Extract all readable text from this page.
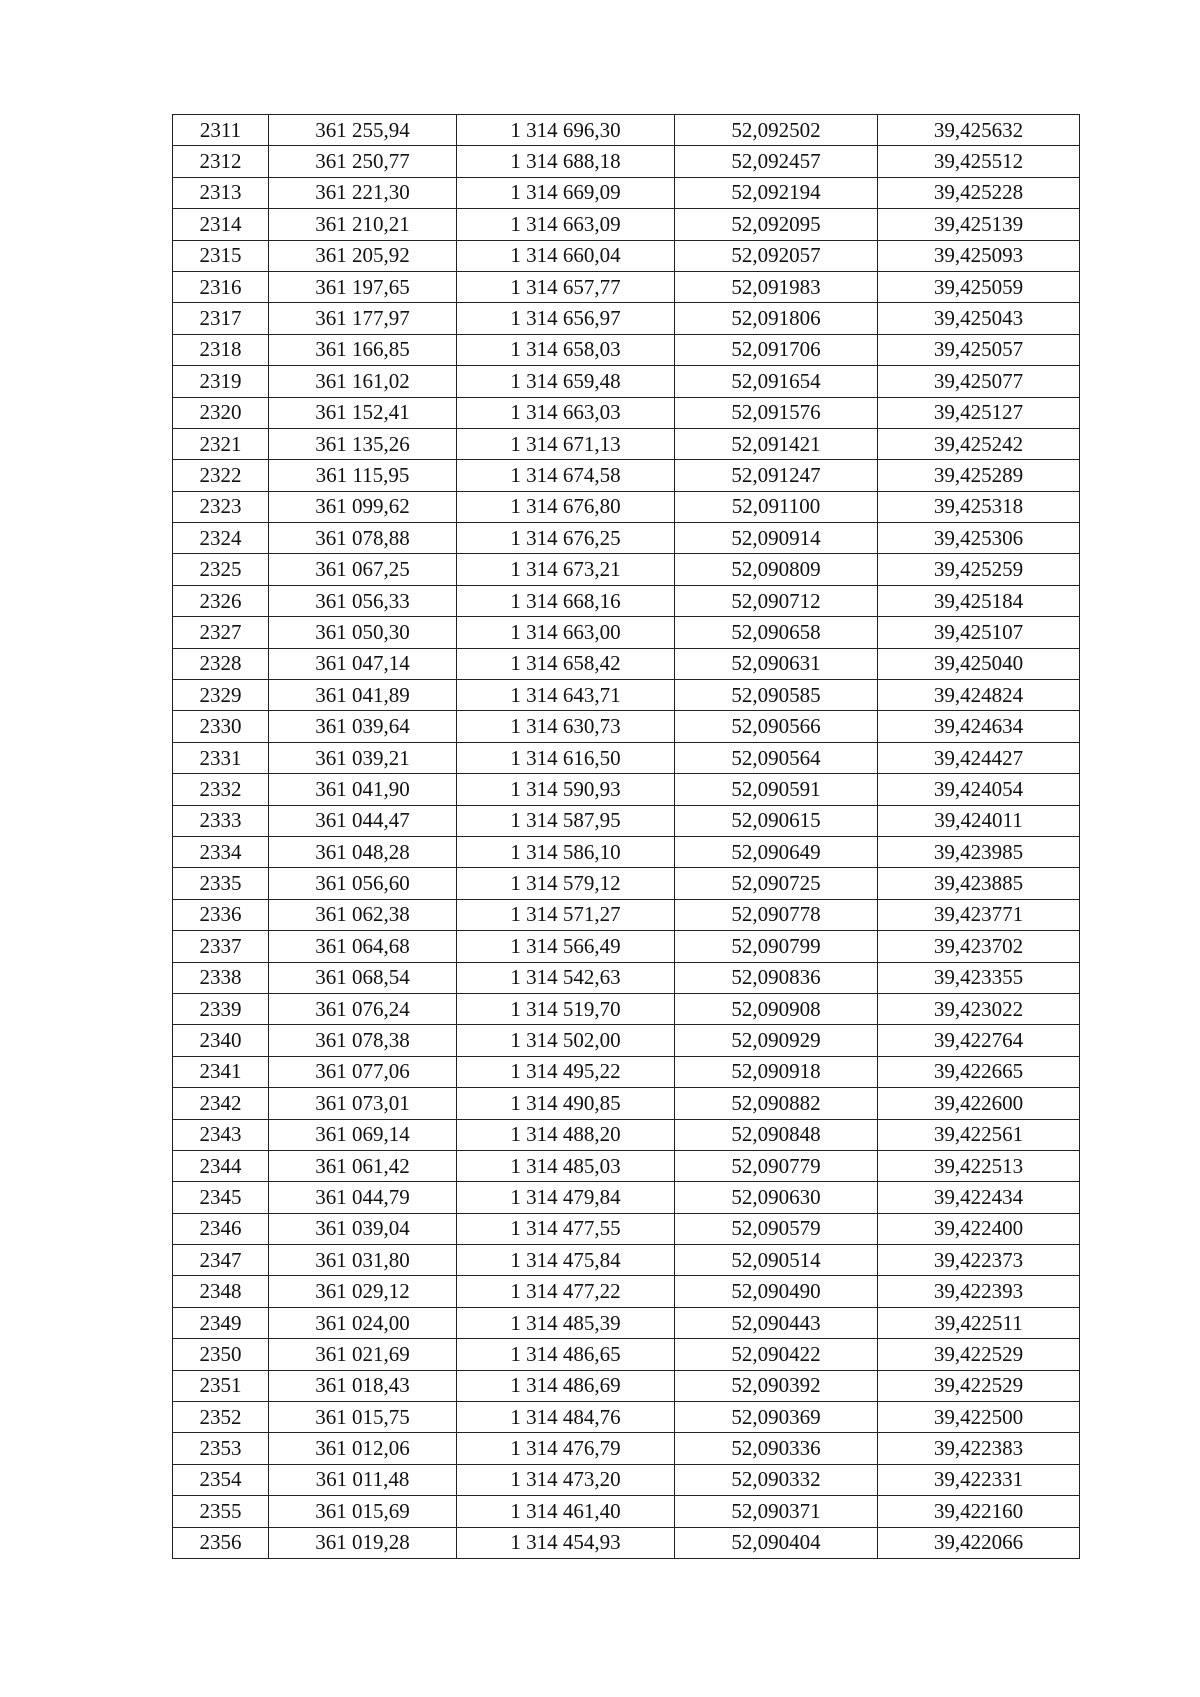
2311	361 255,94	1 314 696,30	52,092502	39,425632
2312	361 250,77	1 314 688,18	52,092457	39,425512
2313	361 221,30	1 314 669,09	52,092194	39,425228
2314	361 210,21	1 314 663,09	52,092095	39,425139
2315	361 205,92	1 314 660,04	52,092057	39,425093
2316	361 197,65	1 314 657,77	52,091983	39,425059
2317	361 177,97	1 314 656,97	52,091806	39,425043
2318	361 166,85	1 314 658,03	52,091706	39,425057
2319	361 161,02	1 314 659,48	52,091654	39,425077
2320	361 152,41	1 314 663,03	52,091576	39,425127
2321	361 135,26	1 314 671,13	52,091421	39,425242
2322	361 115,95	1 314 674,58	52,091247	39,425289
2323	361 099,62	1 314 676,80	52,091100	39,425318
2324	361 078,88	1 314 676,25	52,090914	39,425306
2325	361 067,25	1 314 673,21	52,090809	39,425259
2326	361 056,33	1 314 668,16	52,090712	39,425184
2327	361 050,30	1 314 663,00	52,090658	39,425107
2328	361 047,14	1 314 658,42	52,090631	39,425040
2329	361 041,89	1 314 643,71	52,090585	39,424824
2330	361 039,64	1 314 630,73	52,090566	39,424634
2331	361 039,21	1 314 616,50	52,090564	39,424427
2332	361 041,90	1 314 590,93	52,090591	39,424054
2333	361 044,47	1 314 587,95	52,090615	39,424011
2334	361 048,28	1 314 586,10	52,090649	39,423985
2335	361 056,60	1 314 579,12	52,090725	39,423885
2336	361 062,38	1 314 571,27	52,090778	39,423771
2337	361 064,68	1 314 566,49	52,090799	39,423702
2338	361 068,54	1 314 542,63	52,090836	39,423355
2339	361 076,24	1 314 519,70	52,090908	39,423022
2340	361 078,38	1 314 502,00	52,090929	39,422764
2341	361 077,06	1 314 495,22	52,090918	39,422665
2342	361 073,01	1 314 490,85	52,090882	39,422600
2343	361 069,14	1 314 488,20	52,090848	39,422561
2344	361 061,42	1 314 485,03	52,090779	39,422513
2345	361 044,79	1 314 479,84	52,090630	39,422434
2346	361 039,04	1 314 477,55	52,090579	39,422400
2347	361 031,80	1 314 475,84	52,090514	39,422373
2348	361 029,12	1 314 477,22	52,090490	39,422393
2349	361 024,00	1 314 485,39	52,090443	39,422511
2350	361 021,69	1 314 486,65	52,090422	39,422529
2351	361 018,43	1 314 486,69	52,090392	39,422529
2352	361 015,75	1 314 484,76	52,090369	39,422500
2353	361 012,06	1 314 476,79	52,090336	39,422383
2354	361 011,48	1 314 473,20	52,090332	39,422331
2355	361 015,69	1 314 461,40	52,090371	39,422160
2356	361 019,28	1 314 454,93	52,090404	39,422066
